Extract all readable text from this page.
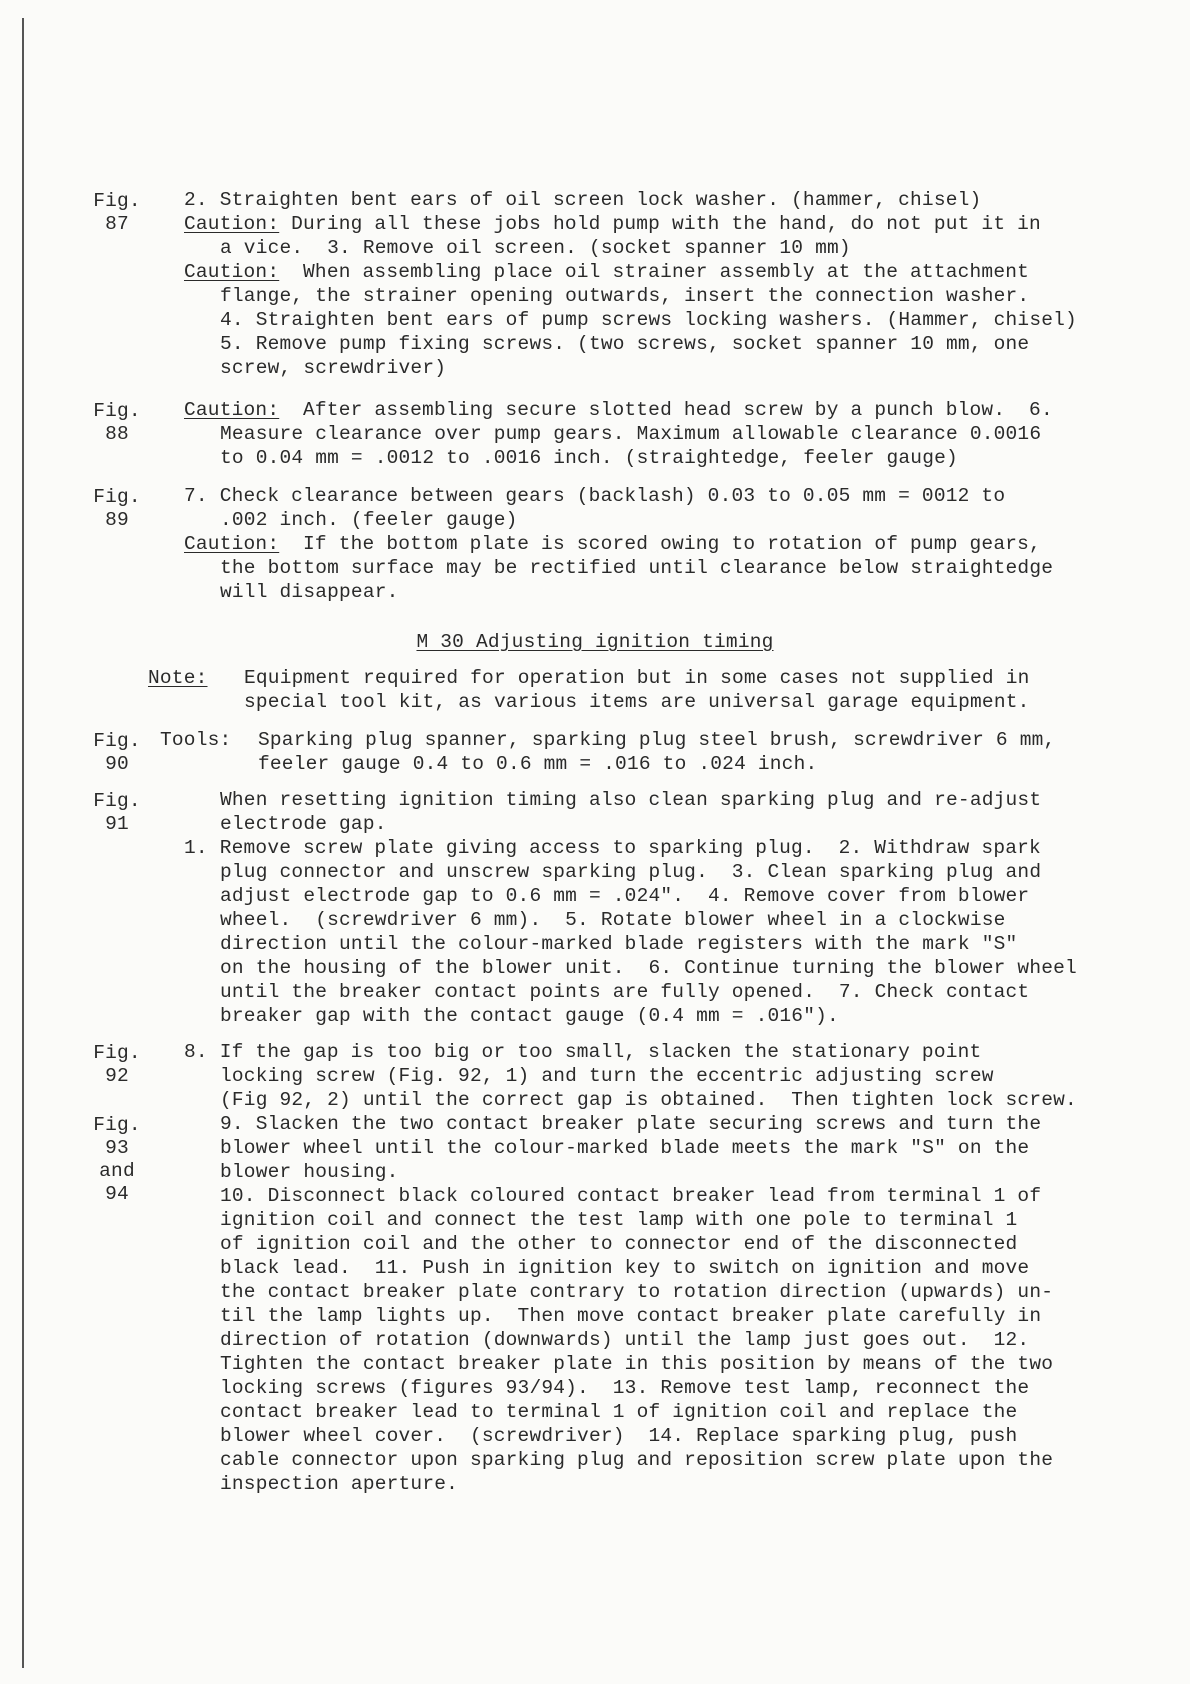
Fig.
87
2. Straighten bent ears of oil screen lock washer. (hammer, chisel)
Caution: During all these jobs hold pump with the hand, do not put it in
a vice.  3. Remove oil screen. (socket spanner 10 mm)
Caution:  When assembling place oil strainer assembly at the attachment
flange, the strainer opening outwards, insert the connection washer.
4. Straighten bent ears of pump screws locking washers. (Hammer, chisel)
5. Remove pump fixing screws. (two screws, socket spanner 10 mm, one
screw, screwdriver)
Fig.
88
Caution:  After assembling secure slotted head screw by a punch blow.  6.
Measure clearance over pump gears. Maximum allowable clearance 0.0016
to 0.04 mm = .0012 to .0016 inch. (straightedge, feeler gauge)
Fig.
89
7. Check clearance between gears (backlash) 0.03 to 0.05 mm = 0012 to
.002 inch. (feeler gauge)
Caution:  If the bottom plate is scored owing to rotation of pump gears,
the bottom surface may be rectified until clearance below straightedge
will disappear.
M 30 Adjusting ignition timing
Note: Equipment required for operation but in some cases not supplied in
special tool kit, as various items are universal garage equipment.
Fig.
90
Tools: Sparking plug spanner, sparking plug steel brush, screwdriver 6 mm,
feeler gauge 0.4 to 0.6 mm = .016 to .024 inch.
Fig.
91
When resetting ignition timing also clean sparking plug and re-adjust
electrode gap.
1. Remove screw plate giving access to sparking plug.  2. Withdraw spark
plug connector and unscrew sparking plug.  3. Clean sparking plug and
adjust electrode gap to 0.6 mm = .024".  4. Remove cover from blower
wheel.  (screwdriver 6 mm).  5. Rotate blower wheel in a clockwise
direction until the colour-marked blade registers with the mark "S"
on the housing of the blower unit.  6. Continue turning the blower wheel
until the breaker contact points are fully opened.  7. Check contact
breaker gap with the contact gauge (0.4 mm = .016").
Fig.
92
Fig.
93
and
94
8. If the gap is too big or too small, slacken the stationary point
locking screw (Fig. 92, 1) and turn the eccentric adjusting screw
(Fig 92, 2) until the correct gap is obtained.  Then tighten lock screw.
9. Slacken the two contact breaker plate securing screws and turn the
blower wheel until the colour-marked blade meets the mark "S" on the
blower housing.
10. Disconnect black coloured contact breaker lead from terminal 1 of
ignition coil and connect the test lamp with one pole to terminal 1
of ignition coil and the other to connector end of the disconnected
black lead.  11. Push in ignition key to switch on ignition and move
the contact breaker plate contrary to rotation direction (upwards) un-
til the lamp lights up.  Then move contact breaker plate carefully in
direction of rotation (downwards) until the lamp just goes out.  12.
Tighten the contact breaker plate in this position by means of the two
locking screws (figures 93/94).  13. Remove test lamp, reconnect the
contact breaker lead to terminal 1 of ignition coil and replace the
blower wheel cover.  (screwdriver)  14. Replace sparking plug, push
cable connector upon sparking plug and reposition screw plate upon the
inspection aperture.
